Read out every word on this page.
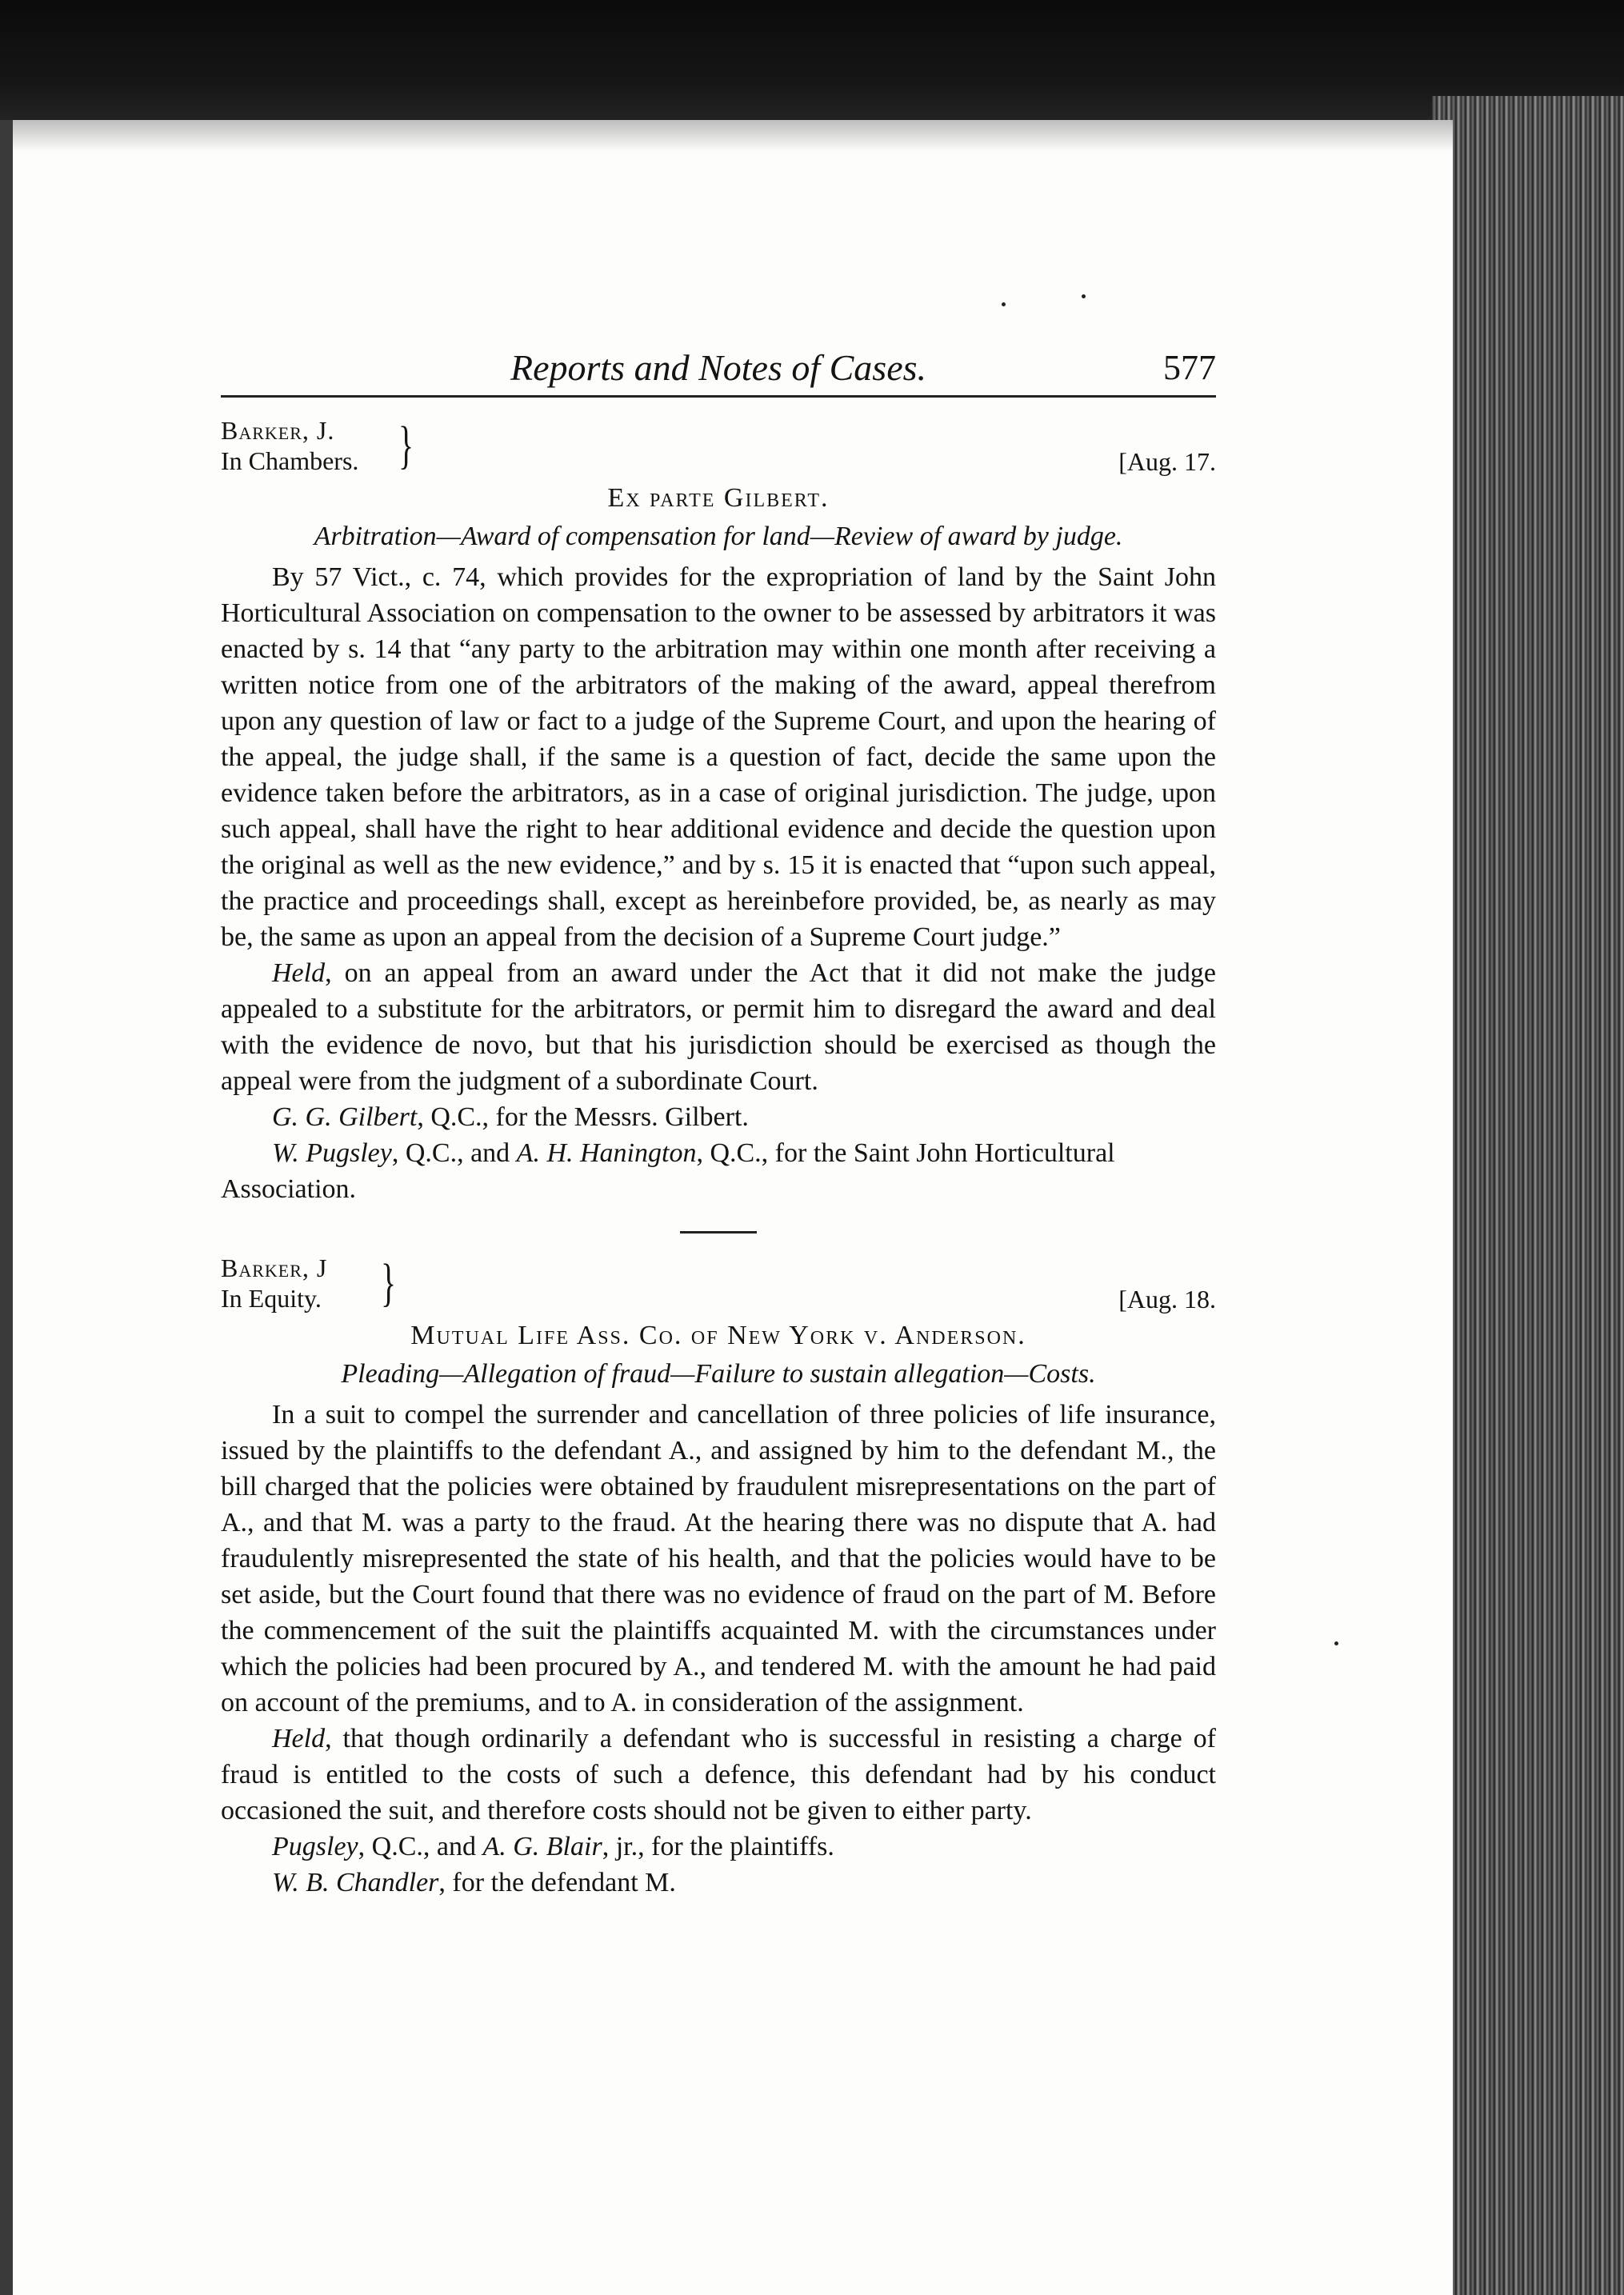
Reports and Notes of Cases.	577
Barker, J.
In Chambers. }	[Aug. 17.
Ex parte Gilbert.
Arbitration—Award of compensation for land—Review of award by judge.

By 57 Vict., c. 74, which provides for the expropriation of land by the Saint John Horticultural Association on compensation to the owner to be assessed by arbitrators it was enacted by s. 14 that “any party to the arbitration may within one month after receiving a written notice from one of the arbitrators of the making of the award, appeal therefrom upon any question of law or fact to a judge of the Supreme Court, and upon the hearing of the appeal, the judge shall, if the same is a question of fact, decide the same upon the evidence taken before the arbitrators, as in a case of original jurisdiction. The judge, upon such appeal, shall have the right to hear additional evidence and decide the question upon the original as well as the new evidence,” and by s. 15 it is enacted that “upon such appeal, the practice and proceedings shall, except as hereinbefore provided, be, as nearly as may be, the same as upon an appeal from the decision of a Supreme Court judge.”

Held, on an appeal from an award under the Act that it did not make the judge appealed to a substitute for the arbitrators, or permit him to disregard the award and deal with the evidence de novo, but that his jurisdiction should be exercised as though the appeal were from the judgment of a subordinate Court.

G. G. Gilbert, Q.C., for the Messrs. Gilbert.

W. Pugsley, Q.C., and A. H. Hanington, Q.C., for the Saint John Horticultural Association.

Barker, J
In Equity. }	[Aug. 18.
Mutual Life Ass. Co. of New York v. Anderson.
Pleading—Allegation of fraud—Failure to sustain allegation—Costs.

In a suit to compel the surrender and cancellation of three policies of life insurance, issued by the plaintiffs to the defendant A., and assigned by him to the defendant M., the bill charged that the policies were obtained by fraudulent misrepresentations on the part of A., and that M. was a party to the fraud. At the hearing there was no dispute that A. had fraudulently misrepresented the state of his health, and that the policies would have to be set aside, but the Court found that there was no evidence of fraud on the part of M. Before the commencement of the suit the plaintiffs acquainted M. with the circumstances under which the policies had been procured by A., and tendered M. with the amount he had paid on account of the premiums, and to A. in consideration of the assignment.

Held, that though ordinarily a defendant who is successful in resisting a charge of fraud is entitled to the costs of such a defence, this defendant had by his conduct occasioned the suit, and therefore costs should not be given to either party.

Pugsley, Q.C., and A. G. Blair, jr., for the plaintiffs.

W. B. Chandler, for the defendant M.
